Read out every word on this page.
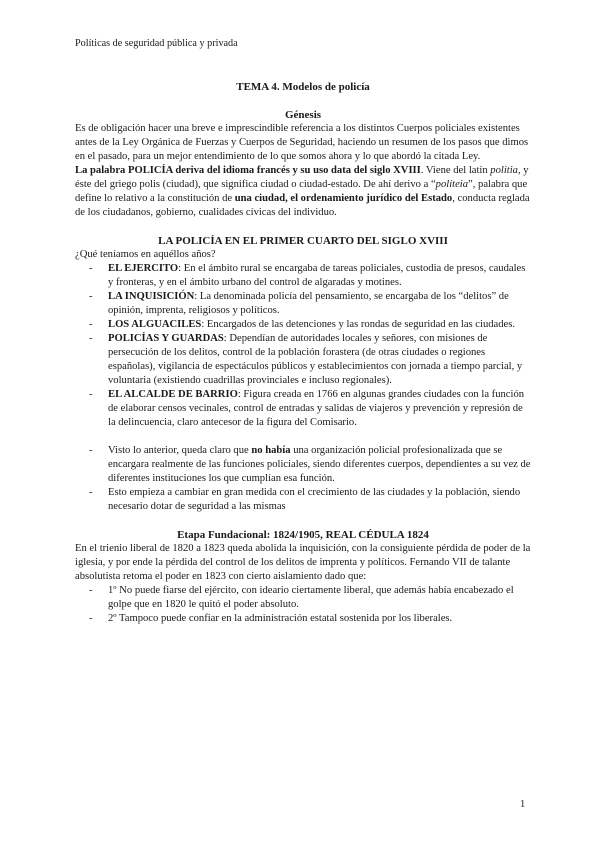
Políticas de seguridad pública y privada
TEMA 4. Modelos de policía
Génesis

Es de obligación hacer una breve e imprescindible referencia a los distintos Cuerpos policiales existentes antes de la Ley Orgánica de Fuerzas y Cuerpos de Seguridad, haciendo un resumen de los pasos que dimos en el pasado, para un mejor entendimiento de lo que somos ahora y lo que abordó la citada Ley.

La palabra POLICÍA deriva del idioma francés y su uso data del siglo XVIII. Viene del latín politia, y éste del griego polis (ciudad), que significa ciudad o ciudad-estado. De ahí derivo a “politeia”, palabra que define lo relativo a la constitución de una ciudad, el ordenamiento jurídico del Estado, conducta reglada de los ciudadanos, gobierno, cualidades cívicas del individuo.

LA POLICÍA EN EL PRIMER CUARTO DEL SIGLO XVIII

¿Qué teníamos en aquéllos años?

- EL EJERCITO: En el ámbito rural se encargaba de tareas policiales, custodia de presos, caudales y fronteras, y en el ámbito urbano del control de algaradas y motines.
- LA INQUISICIÓN: La denominada policía del pensamiento, se encargaba de los “delitos” de opinión, imprenta, religiosos y políticos.
- LOS ALGUACILES: Encargados de las detenciones y las rondas de seguridad en las ciudades.
- POLICÍAS Y GUARDAS: Dependían de autoridades locales y señores, con misiones de persecución de los delitos, control de la población forastera (de otras ciudades o regiones españolas), vigilancia de espectáculos públicos y establecimientos con jornada a tiempo parcial, y voluntaria (existiendo cuadrillas provinciales e incluso regionales).
- EL ALCALDE DE BARRIO: Figura creada en 1766 en algunas grandes ciudades con la función de elaborar censos vecinales, control de entradas y salidas de viajeros y prevención y represión de la delincuencia, claro antecesor de la figura del Comisario.
- Visto lo anterior, queda claro que no había una organización policial profesionalizada que se encargara realmente de las funciones policiales, siendo diferentes cuerpos, dependientes a su vez de diferentes instituciones los que cumplían esa función.
- Esto empieza a cambiar en gran medida con el crecimiento de las ciudades y la población, siendo necesario dotar de seguridad a las mismas
Etapa Fundacional: 1824/1905, REAL CÉDULA 1824

En el trienio liberal de 1820 a 1823 queda abolida la inquisición, con la consiguiente pérdida de poder de la iglesia, y por ende la pérdida del control de los delitos de imprenta y políticos. Fernando VII de talante absolutista retoma el poder en 1823 con cierto aislamiento dado que:

- 1º No puede fiarse del ejército, con ideario ciertamente liberal, que además había encabezado el golpe que en 1820 le quitó el poder absoluto.
- 2º Tampoco puede confiar en la administración estatal sostenida por los liberales.
1
